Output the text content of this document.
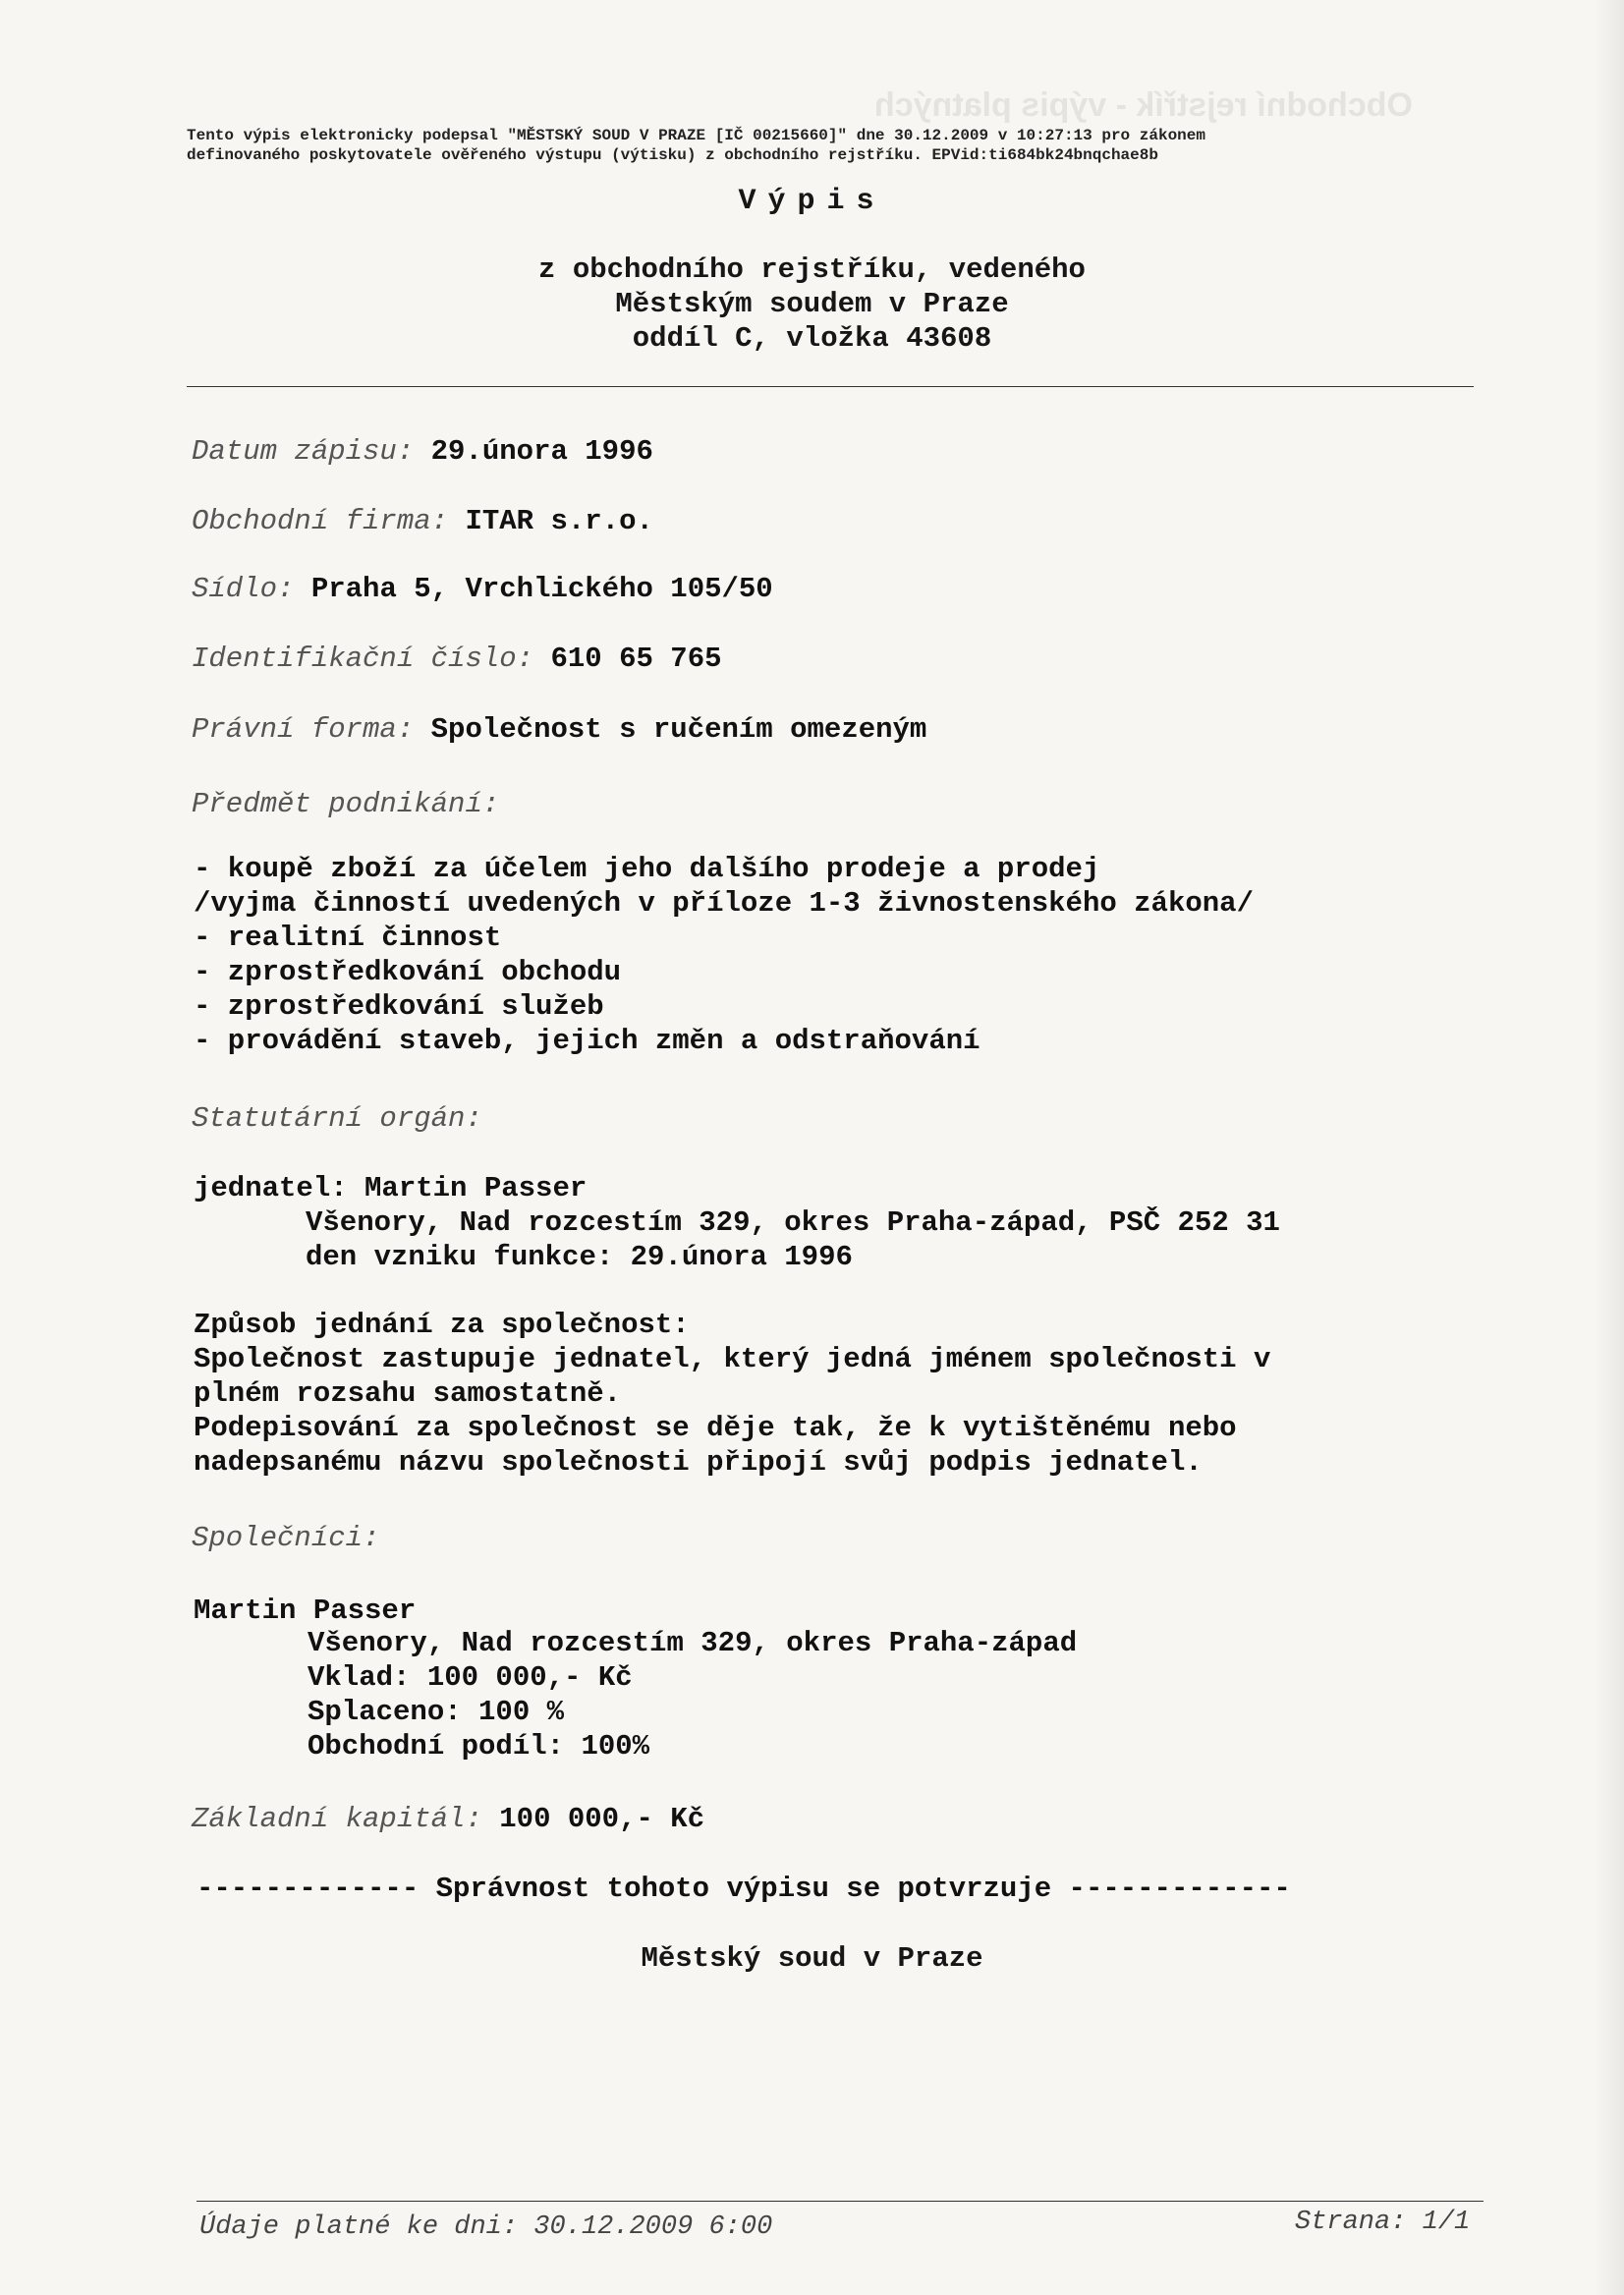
Obchodní rejstřík - výpis platných
Tento výpis elektronicky podepsal "MĚSTSKÝ SOUD V PRAZE [IČ 00215660]" dne 30.12.2009 v 10:27:13 pro zákonem
definovaného poskytovatele ověřeného výstupu (výtisku) z obchodního rejstříku. EPVid:ti684bk24bnqchae8b
Výpis
z obchodního rejstříku, vedeného
Městským soudem v Praze
oddíl C, vložka 43608
Datum zápisu: 29.února 1996
Obchodní firma: ITAR s.r.o.
Sídlo: Praha 5, Vrchlického 105/50
Identifikační číslo: 610 65 765
Právní forma: Společnost s ručením omezeným
Předmět podnikání:
- koupě zboží za účelem jeho dalšího prodeje a prodej
/vyjma činností uvedených v příloze 1-3 živnostenského zákona/
- realitní činnost
- zprostředkování obchodu
- zprostředkování služeb
- provádění staveb, jejich změn a odstraňování
Statutární orgán:
jednatel: Martin Passer
Všenory, Nad rozcestím 329, okres Praha-západ, PSČ 252 31
den vzniku funkce: 29.února 1996
Způsob jednání za společnost:
Společnost zastupuje jednatel, který jedná jménem společnosti v
plném rozsahu samostatně.
Podepisování za společnost se děje tak, že k vytištěnému nebo
nadepsanému názvu společnosti připojí svůj podpis jednatel.
Společníci:
Martin Passer
Všenory, Nad rozcestím 329, okres Praha-západ
Vklad: 100 000,- Kč
Splaceno: 100 %
Obchodní podíl: 100%
Základní kapitál: 100 000,- Kč
------------- Správnost tohoto výpisu se potvrzuje -------------
Městský soud v Praze
Údaje platné ke dni: 30.12.2009 6:00	Strana: 1/1
